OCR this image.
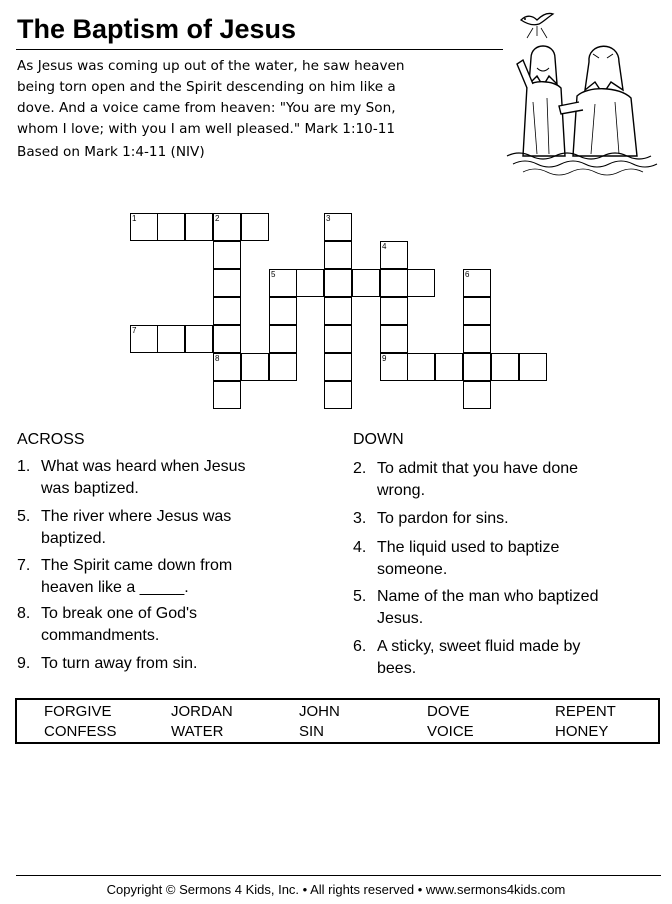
The Baptism of Jesus

As Jesus was coming up out of the water, he saw heaven

being torn open and the Spirit descending on him like a

dove. And a voice came from heaven: "You are my Son,

whom I love; with you I am well pleased." Mark 1:10-11

Based on Mark 1:4-11 (NIV)
1	2	3
4
5	6
7
8	9
ACROSS	DOWN
1. What was heard when Jesus
was baptized.
5. The river where Jesus was
baptized.
7. The Spirit came down from
heaven like a _____.
8. To break one of God's
commandments.
9. To turn away from sin.
2. To admit that you have done
wrong.
3. To pardon for sins.
4. The liquid used to baptize
someone.
5. Name of the man who baptized
Jesus.
6. A sticky, sweet fluid made by
bees.
FORGIVE	JORDAN	JOHN	DOVE	REPENT
CONFESS	WATER	SIN	VOICE	HONEY
Copyright © Sermons 4 Kids, Inc. • All rights reserved • www.sermons4kids.com
